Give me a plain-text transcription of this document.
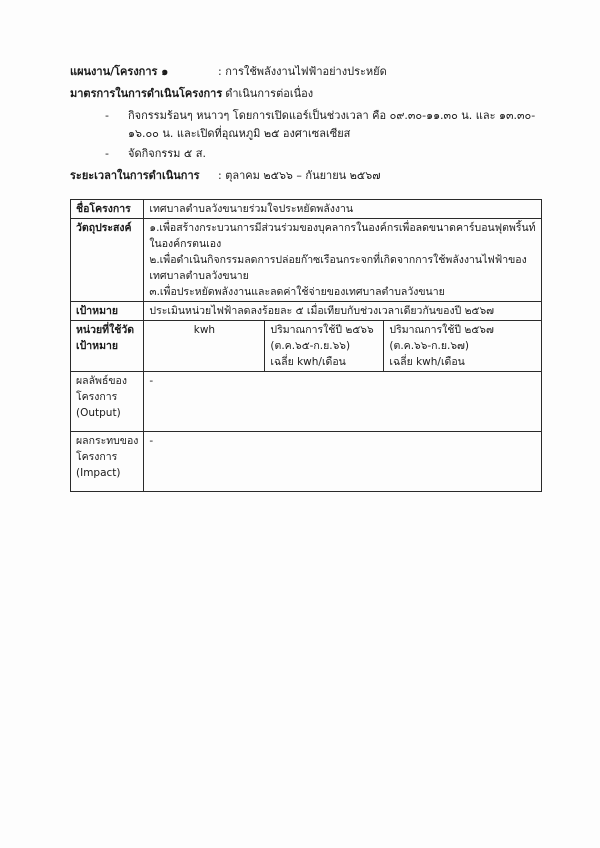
แผนงาน/โครงการ ๑	: การใช้พลังงานไฟฟ้าอย่างประหยัด
มาตรการในการดำเนินโครงการ
: ดำเนินการต่อเนื่อง
- กิจกรรมร้อนๆ หนาวๆ โดยการเปิดแอร์เป็นช่วงเวลา คือ ๐๙.๓๐-๑๑.๓๐ น. และ ๑๓.๓๐-
๑๖.๐๐ น. และเปิดที่อุณหภูมิ ๒๕ องศาเซลเซียส
- จัดกิจกรรม ๕ ส.
ระยะเวลาในการดำเนินการ : ตุลาคม ๒๕๖๖ – กันยายน ๒๕๖๗
ชื่อโครงการ	เทศบาลตำบลวังขนายร่วมใจประหยัดพลังงาน		
วัตถุประสงค์	๑.เพื่อสร้างกระบวนการมีส่วนร่วมของบุคลากรในองค์กรเพื่อลดขนาดคาร์บอนฟุตพริ้นท์
ในองค์กรตนเอง
๒.เพื่อดำเนินกิจกรรมลดการปล่อยก๊าซเรือนกระจกที่เกิดจากการใช้พลังงานไฟฟ้าของ
เทศบาลตำบลวังขนาย
๓.เพื่อประหยัดพลังงานและลดค่าใช้จ่ายของเทศบาลตำบลวังขนาย		

เป้าหมาย	ประเมินหน่วยไฟฟ้าลดลงร้อยละ ๕ เมื่อเทียบกับช่วงเวลาเดียวกันของปี ๒๕๖๗		

หน่วยที่ใช้วัด
เป้าหมาย	kwh	ปริมาณการใช้ปี ๒๕๖๖
(ต.ค.๖๕-ก.ย.๖๖)
เฉลี่ย kwh/เดือน	ปริมาณการใช้ปี ๒๕๖๗
(ต.ค.๖๖-ก.ย.๖๗)
เฉลี่ย kwh/เดือน

ผลลัพธ์ของ
โครงการ
(Output)	-		

ผลกระทบของ
โครงการ
(Impact)	-		
